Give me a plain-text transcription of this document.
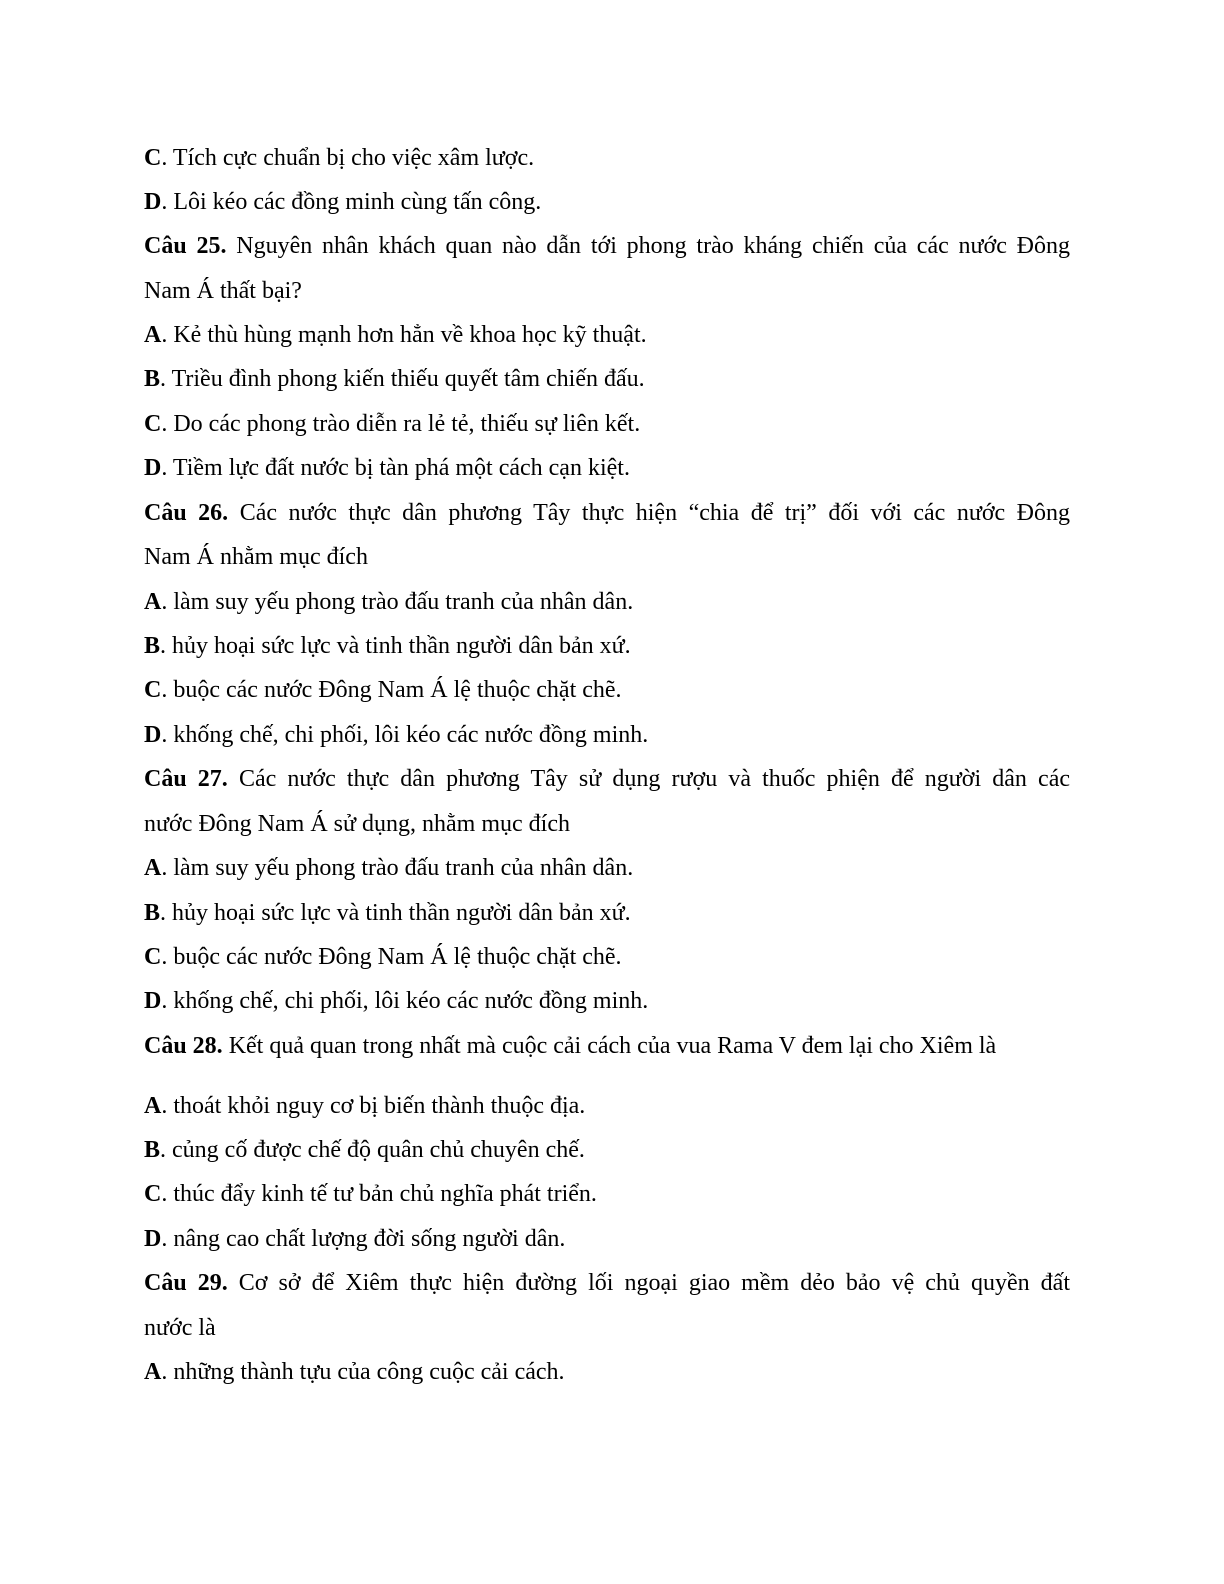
C. Tích cực chuẩn bị cho việc xâm lược.
D. Lôi kéo các đồng minh cùng tấn công.
Câu 25. Nguyên nhân khách quan nào dẫn tới phong trào kháng chiến của các nước Đông
Nam Á thất bại?
A. Kẻ thù hùng mạnh hơn hẳn về khoa học kỹ thuật.
B. Triều đình phong kiến thiếu quyết tâm chiến đấu.
C. Do các phong trào diễn ra lẻ tẻ, thiếu sự liên kết.
D. Tiềm lực đất nước bị tàn phá một cách cạn kiệt.
Câu 26. Các nước thực dân phương Tây thực hiện “chia để trị” đối với các nước Đông
Nam Á nhằm mục đích
A. làm suy yếu phong trào đấu tranh của nhân dân.
B. hủy hoại sức lực và tinh thần người dân bản xứ.
C. buộc các nước Đông Nam Á lệ thuộc chặt chẽ.
D. khống chế, chi phối, lôi kéo các nước đồng minh.
Câu 27. Các nước thực dân phương Tây sử dụng rượu và thuốc phiện để người dân các
nước Đông Nam Á sử dụng, nhằm mục đích
A. làm suy yếu phong trào đấu tranh của nhân dân.
B. hủy hoại sức lực và tinh thần người dân bản xứ.
C. buộc các nước Đông Nam Á lệ thuộc chặt chẽ.
D. khống chế, chi phối, lôi kéo các nước đồng minh.
Câu 28. Kết quả quan trong nhất mà cuộc cải cách của vua Rama V đem lại cho Xiêm là
A. thoát khỏi nguy cơ bị biến thành thuộc địa.
B. củng cố được chế độ quân chủ chuyên chế.
C. thúc đẩy kinh tế tư bản chủ nghĩa phát triển.
D. nâng cao chất lượng đời sống người dân.
Câu 29. Cơ sở để Xiêm thực hiện đường lối ngoại giao mềm dẻo bảo vệ chủ quyền đất
nước là
A. những thành tựu của công cuộc cải cách.
